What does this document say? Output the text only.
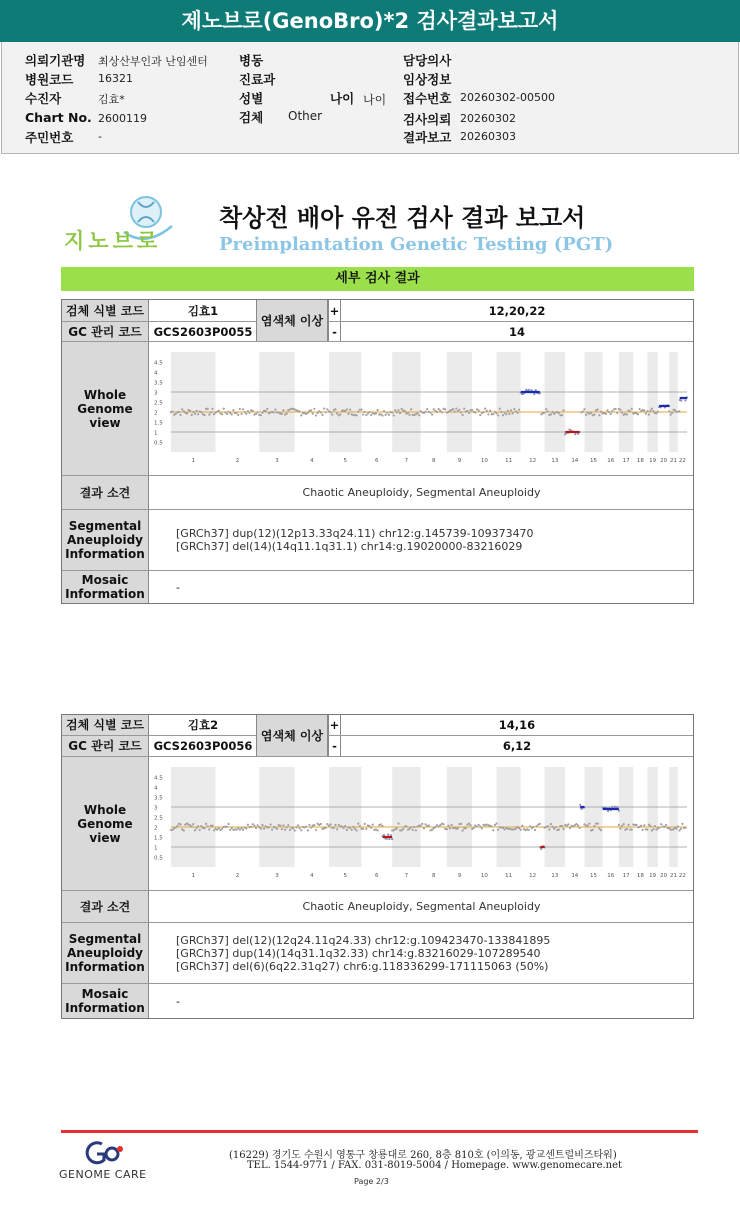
제노브로(GenoBro)*2 검사결과보고서
의뢰기관명 최상산부인과 난임센터
병원코드 16321
수진자	김효*
Chart No. 2600119
주민번호 -
병동
진료과
성별	나이 나이
검체 Other
담당의사
임상정보
접수번호 20260302-00500
검사의뢰 20260302
결과보고 20260303
지노브로
착상전 배아 유전 검사 결과 보고서
Preimplantation Genetic Testing (PGT)
세부 검사 결과
검체 식별 코드	김효1	+	12,20,22
GC 관리 코드	GCS2603P0055	-	14
염색체 이상
Whole Genome view
4.5
4
3.5
3
2.5
2
1.5
1
0.5
1	2	3	4	5	6	7	8	9	10	11	12	13 14 15 16 17 18 19 20 21 22
결과 소견	Chaotic Aneuploidy, Segmental Aneuploidy
Segmental Aneuploidy Information
[GRCh37] dup(12)(12p13.33q24.11) chr12:g.145739-109373470
[GRCh37] del(14)(14q11.1q31.1) chr14:g.19020000-83216029
Mosaic Information	-
검체 식별 코드	김효2	+	14,16
GC 관리 코드	GCS2603P0056	-	6,12
염색체 이상
Whole Genome view
4.5
4
3.5
3
2.5
2
1.5
1
0.5
1	2	3	4	5	6	7	8	9	10	11	12	13 14 15 16 17 18 19 20 21 22
결과 소견	Chaotic Aneuploidy, Segmental Aneuploidy
Segmental Aneuploidy Information
[GRCh37] del(12)(12q24.11q24.33) chr12:g.109423470-133841895
[GRCh37] dup(14)(14q31.1q32.33) chr14:g.83216029-107289540
[GRCh37] del(6)(6q22.31q27) chr6:g.118336299-171115063 (50%)
Mosaic Information	-
GENOME CARE
(16229) 경기도 수원시 영통구 창룡대로 260, 8층 810호 (이의동, 광교센트럴비즈타워)
TEL. 1544-9771 / FAX. 031-8019-5004 / Homepage. www.genomecare.net
Page 2/3
